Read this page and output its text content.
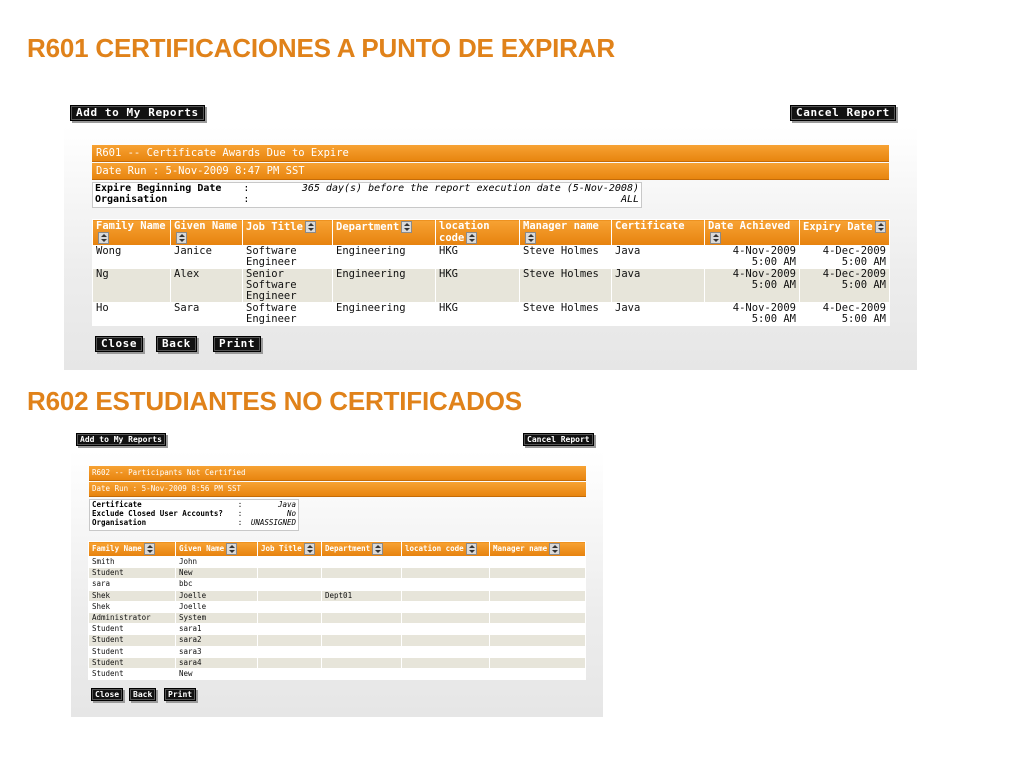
R601 CERTIFICACIONES A PUNTO DE EXPIRAR
Add to My Reports	Cancel Report
R601 -- Certificate Awards Due to Expire
Date Run : 5-Nov-2009 8:47 PM SST
Expire Beginning Date	:	365 day(s) before the report execution date (5-Nov-2008)
Organisation	:	ALL
Family Name	Given Name	Job Title	Department	location code	Manager name	Certificate	Date Achieved	Expiry Date
Wong	Janice	Software Engineer	Engineering	HKG	Steve Holmes	Java	4-Nov-2009 5:00 AM	4-Dec-2009 5:00 AM
Ng	Alex	Senior Software Engineer	Engineering	HKG	Steve Holmes	Java	4-Nov-2009 5:00 AM	4-Dec-2009 5:00 AM
Ho	Sara	Software Engineer	Engineering	HKG	Steve Holmes	Java	4-Nov-2009 5:00 AM	4-Dec-2009 5:00 AM
Close	Back	Print
R602 ESTUDIANTES NO CERTIFICADOS
Add to My Reports	Cancel Report
R602 -- Participants Not Certified
Date Run : 5-Nov-2009 8:56 PM SST
Certificate	:	Java
Exclude Closed User Accounts?	:	No
Organisation	:	UNASSIGNED
Family Name	Given Name	Job Title	Department	location code	Manager name
Smith	John				
Student	New				
sara	bbc				
Shek	Joelle		Dept01		
Shek	Joelle				
Administrator	System				
Student	sara1				
Student	sara2				
Student	sara3				
Student	sara4				
Student	New				
Close	Back	Print
